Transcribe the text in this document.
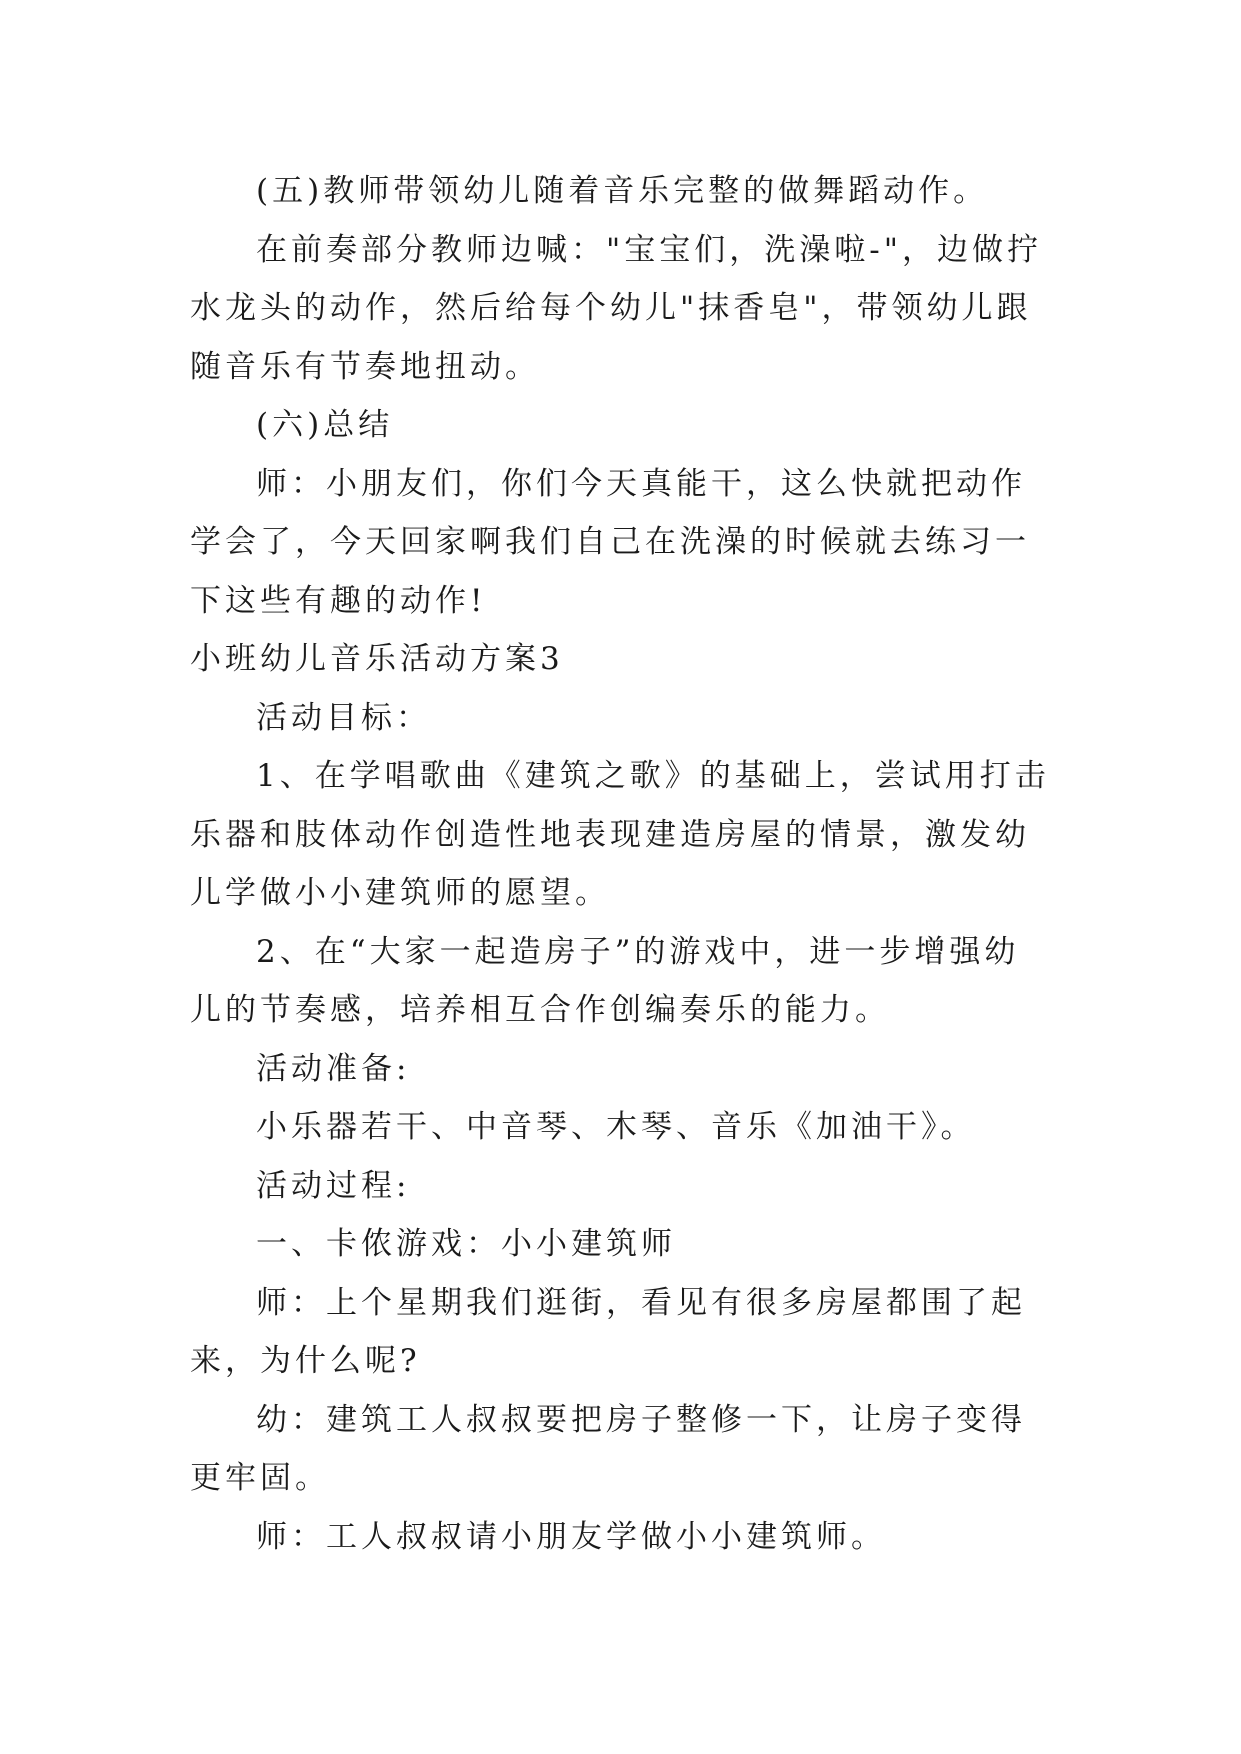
(五)教师带领幼儿随着音乐完整的做舞蹈动作。

在前奏部分教师边喊："宝宝们，洗澡啦-"，边做拧水龙头的动作，然后给每个幼儿"抹香皂"，带领幼儿跟随音乐有节奏地扭动。

(六)总结

师：小朋友们，你们今天真能干，这么快就把动作学会了，今天回家啊我们自己在洗澡的时候就去练习一下这些有趣的动作!

小班幼儿音乐活动方案3

活动目标：

1、在学唱歌曲《建筑之歌》的基础上，尝试用打击乐器和肢体动作创造性地表现建造房屋的情景，激发幼儿学做小小建筑师的愿望。

2、在“大家一起造房子”的游戏中，进一步增强幼儿的节奏感，培养相互合作创编奏乐的能力。

活动准备:

小乐器若干、中音琴、木琴、音乐《加油干》。

活动过程:

一、卡侬游戏：小小建筑师

师：上个星期我们逛街，看见有很多房屋都围了起来，为什么呢?

幼：建筑工人叔叔要把房子整修一下，让房子变得更牢固。

师：工人叔叔请小朋友学做小小建筑师。
